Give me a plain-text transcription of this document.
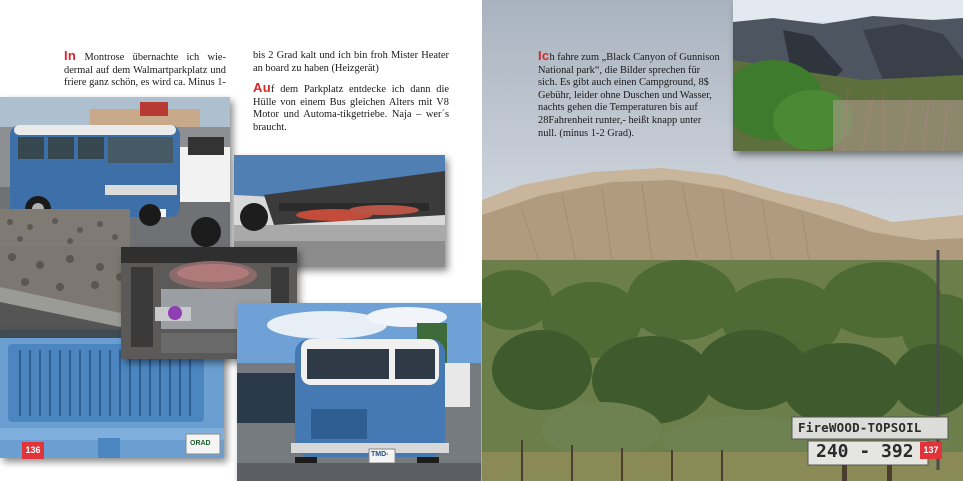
In Montrose übernachte ich wie-dermal auf dem Walmartparkplatz und friere ganz schön, es wird ca. Minus 1-
bis 2 Grad kalt und ich bin froh Mister Heater an board zu haben (Heizgerät)
Auf dem Parkplatz entdecke ich dann die Hülle von einem Bus gleichen Alters mit V8 Motor und Automa-tikgetriebe. Naja – wer´s braucht.
ORAD
TMD-
136
Ich fahre zum „Black Canyon of Gunnison National park“, die Bilder sprechen für sich. Es gibt auch einen Campground, 8$ Gebühr, leider ohne Duschen und Wasser, nachts gehen die Temperaturen bis auf 28Fahrenheit runter,- heißt knapp unter null. (minus 1-2 Grad).
FireWOOD-TOPSOIL
240 - 392	137
